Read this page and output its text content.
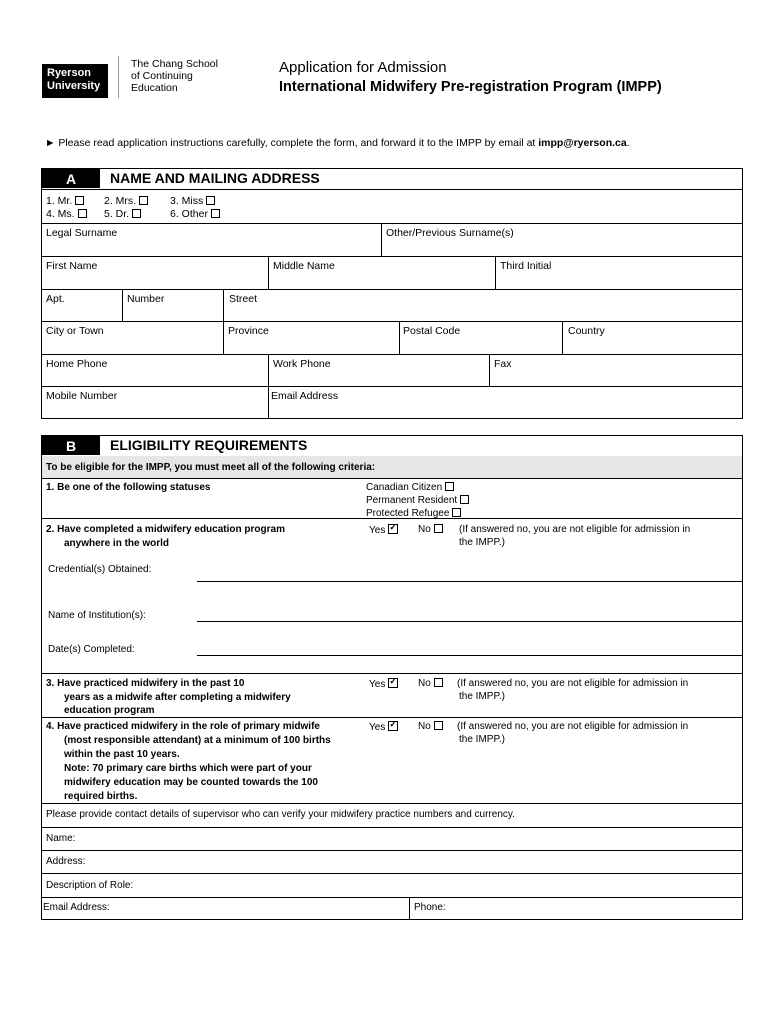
Ryerson
University
The Chang School
of Continuing
Education
Application for Admission
International Midwifery Pre-registration Program (IMPP)
► Please read application instructions carefully, complete the form, and forward it to the IMPP by email at impp@ryerson.ca.
A	NAME AND MAILING ADDRESS
1. Mr.	2. Mrs.	3. Miss
4. Ms.	5. Dr.	6. Other
Legal Surname	Other/Previous Surname(s)
First Name	Middle Name	Third Initial
Apt.	Number	Street
City or Town	Province	Postal Code	Country
Home Phone	Work Phone	Fax
Mobile Number	Email Address
B	ELIGIBILITY REQUIREMENTS
To be eligible for the IMPP, you must meet all of the following criteria:
1. Be one of the following statuses	Canadian Citizen
Permanent Resident
Protected Refugee
2. Have completed a midwifery education program
anywhere in the world
Yes ✓	No	(If answered no, you are not eligible for admission in
the IMPP.)
Credential(s) Obtained:
Name of Institution(s):
Date(s) Completed:
3. Have practiced midwifery in the past 10
years as a midwife after completing a midwifery
education program
Yes ✓	No	(If answered no, you are not eligible for admission in
the IMPP.)
4. Have practiced midwifery in the role of primary midwife
(most responsible attendant) at a minimum of 100 births
within the past 10 years.
Note: 70 primary care births which were part of your
midwifery education may be counted towards the 100
required births.
Yes ✓	No	(If answered no, you are not eligible for admission in
the IMPP.)
Please provide contact details of supervisor who can verify your midwifery practice numbers and currency.
Name:
Address:
Description of Role:
Email Address:	Phone:
